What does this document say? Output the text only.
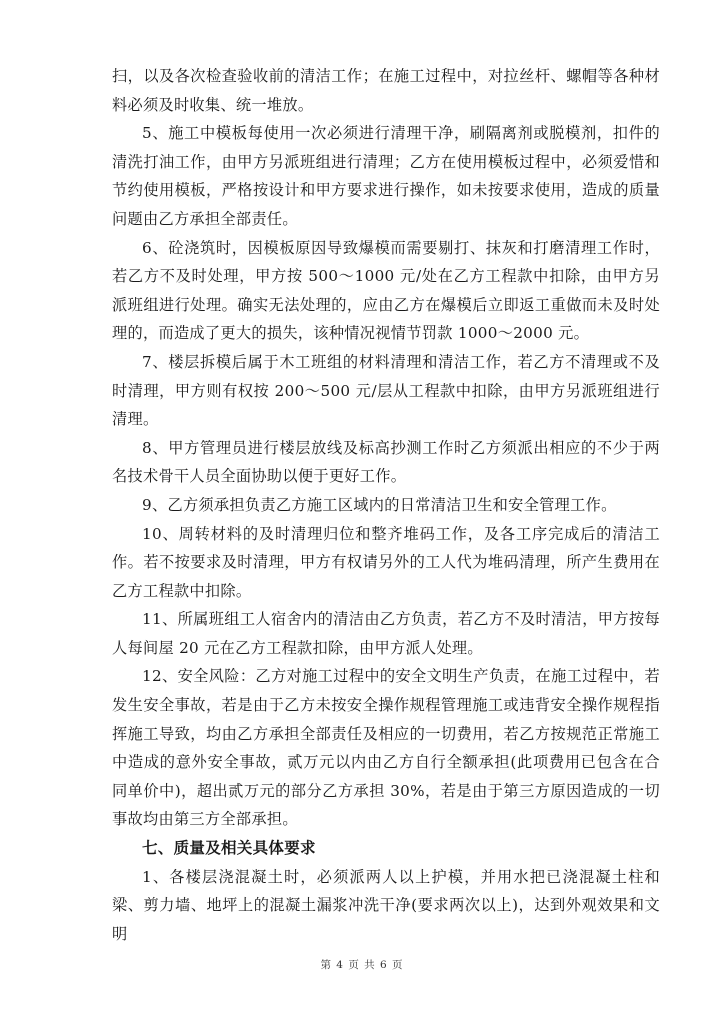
扫，以及各次检查验收前的清洁工作；在施工过程中，对拉丝杆、螺帽等各种材料必须及时收集、统一堆放。

5、施工中模板每使用一次必须进行清理干净，刷隔离剂或脱模剂，扣件的清洗打油工作，由甲方另派班组进行清理；乙方在使用模板过程中，必须爱惜和节约使用模板，严格按设计和甲方要求进行操作，如未按要求使用，造成的质量问题由乙方承担全部责任。

6、砼浇筑时，因模板原因导致爆模而需要剔打、抹灰和打磨清理工作时，若乙方不及时处理，甲方按 500～1000 元/处在乙方工程款中扣除，由甲方另派班组进行处理。确实无法处理的，应由乙方在爆模后立即返工重做而未及时处理的，而造成了更大的损失，该种情况视情节罚款 1000～2000 元。

7、楼层拆模后属于木工班组的材料清理和清洁工作，若乙方不清理或不及时清理，甲方则有权按 200～500 元/层从工程款中扣除，由甲方另派班组进行清理。

8、甲方管理员进行楼层放线及标高抄测工作时乙方须派出相应的不少于两名技术骨干人员全面协助以便于更好工作。

9、乙方须承担负责乙方施工区域内的日常清洁卫生和安全管理工作。

10、周转材料的及时清理归位和整齐堆码工作，及各工序完成后的清洁工作。若不按要求及时清理，甲方有权请另外的工人代为堆码清理，所产生费用在乙方工程款中扣除。

11、所属班组工人宿舍内的清洁由乙方负责，若乙方不及时清洁，甲方按每人每间屋 20 元在乙方工程款扣除，由甲方派人处理。

12、安全风险：乙方对施工过程中的安全文明生产负责，在施工过程中，若发生安全事故，若是由于乙方未按安全操作规程管理施工或违背安全操作规程指挥施工导致，均由乙方承担全部责任及相应的一切费用，若乙方按规范正常施工中造成的意外安全事故，贰万元以内由乙方自行全额承担(此项费用已包含在合同单价中)，超出贰万元的部分乙方承担 30%，若是由于第三方原因造成的一切事故均由第三方全部承担。

七、质量及相关具体要求

1、各楼层浇混凝土时，必须派两人以上护模，并用水把已浇混凝土柱和梁、剪力墙、地坪上的混凝土漏浆冲洗干净(要求两次以上)，达到外观效果和文明

第 4 页 共 6 页
